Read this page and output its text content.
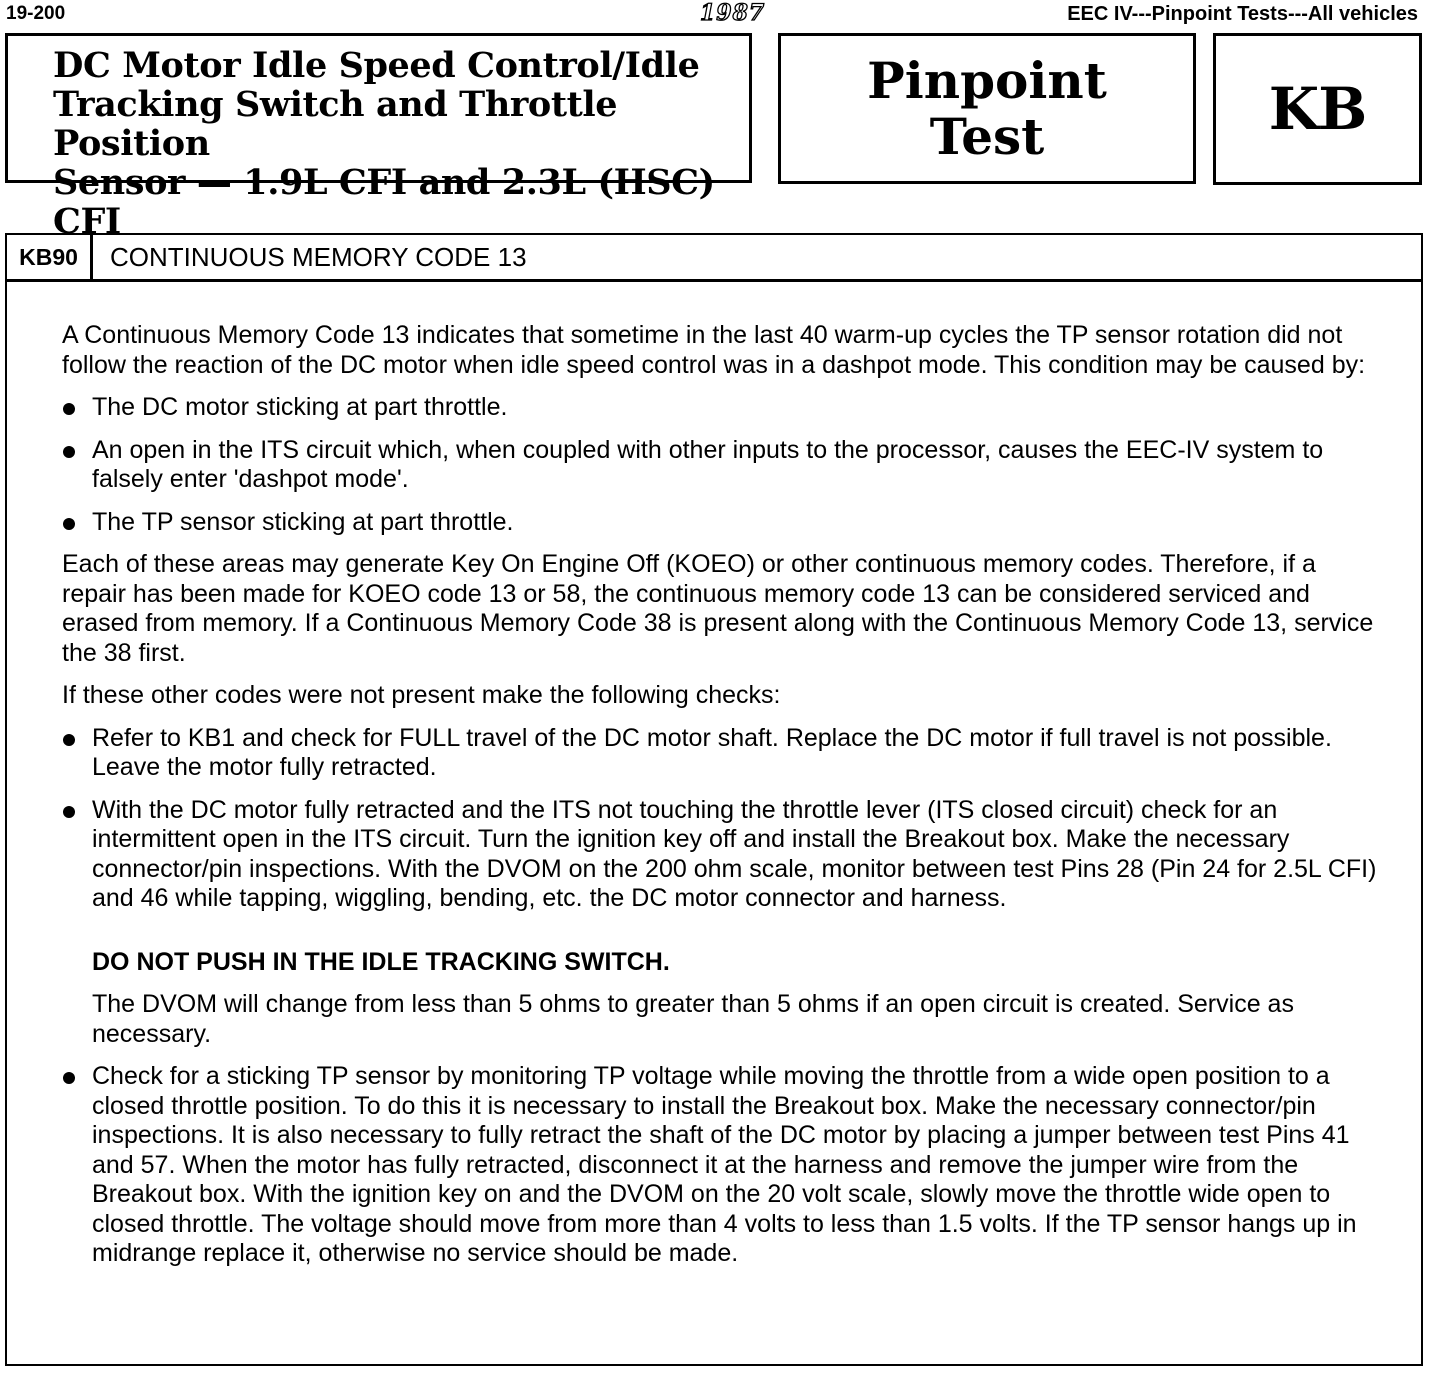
19-200	1987	EEC IV---Pinpoint Tests---All vehicles
DC Motor Idle Speed Control/Idle
Tracking Switch and Throttle Position
Sensor — 1.9L CFI and 2.3L (HSC) CFI
Pinpoint
Test	KB
KB90	CONTINUOUS MEMORY CODE 13

A Continuous Memory Code 13 indicates that sometime in the last 40 warm-up cycles the TP sensor rotation did not follow the reaction of the DC motor when idle speed control was in a dashpot mode. This condition may be caused by:

The DC motor sticking at part throttle.
An open in the ITS circuit which, when coupled with other inputs to the processor, causes the EEC-IV system to falsely enter 'dashpot mode'.
The TP sensor sticking at part throttle.

Each of these areas may generate Key On Engine Off (KOEO) or other continuous memory codes. Therefore, if a repair has been made for KOEO code 13 or 58, the continuous memory code 13 can be considered serviced and erased from memory. If a Continuous Memory Code 38 is present along with the Continuous Memory Code 13, service the 38 first.

If these other codes were not present make the following checks:

Refer to KB1 and check for FULL travel of the DC motor shaft. Replace the DC motor if full travel is not possible. Leave the motor fully retracted.
With the DC motor fully retracted and the ITS not touching the throttle lever (ITS closed circuit) check for an intermittent open in the ITS circuit. Turn the ignition key off and install the Breakout box. Make the necessary connector/pin inspections. With the DVOM on the 200 ohm scale, monitor between test Pins 28 (Pin 24 for 2.5L CFI) and 46 while tapping, wiggling, bending, etc. the DC motor connector and harness.
DO NOT PUSH IN THE IDLE TRACKING SWITCH.
The DVOM will change from less than 5 ohms to greater than 5 ohms if an open circuit is created. Service as necessary.
Check for a sticking TP sensor by monitoring TP voltage while moving the throttle from a wide open position to a closed throttle position. To do this it is necessary to install the Breakout box. Make the necessary connector/pin inspections. It is also necessary to fully retract the shaft of the DC motor by placing a jumper between test Pins 41 and 57. When the motor has fully retracted, disconnect it at the harness and remove the jumper wire from the Breakout box. With the ignition key on and the DVOM on the 20 volt scale, slowly move the throttle wide open to closed throttle. The voltage should move from more than 4 volts to less than 1.5 volts. If the TP sensor hangs up in midrange replace it, otherwise no service should be made.
